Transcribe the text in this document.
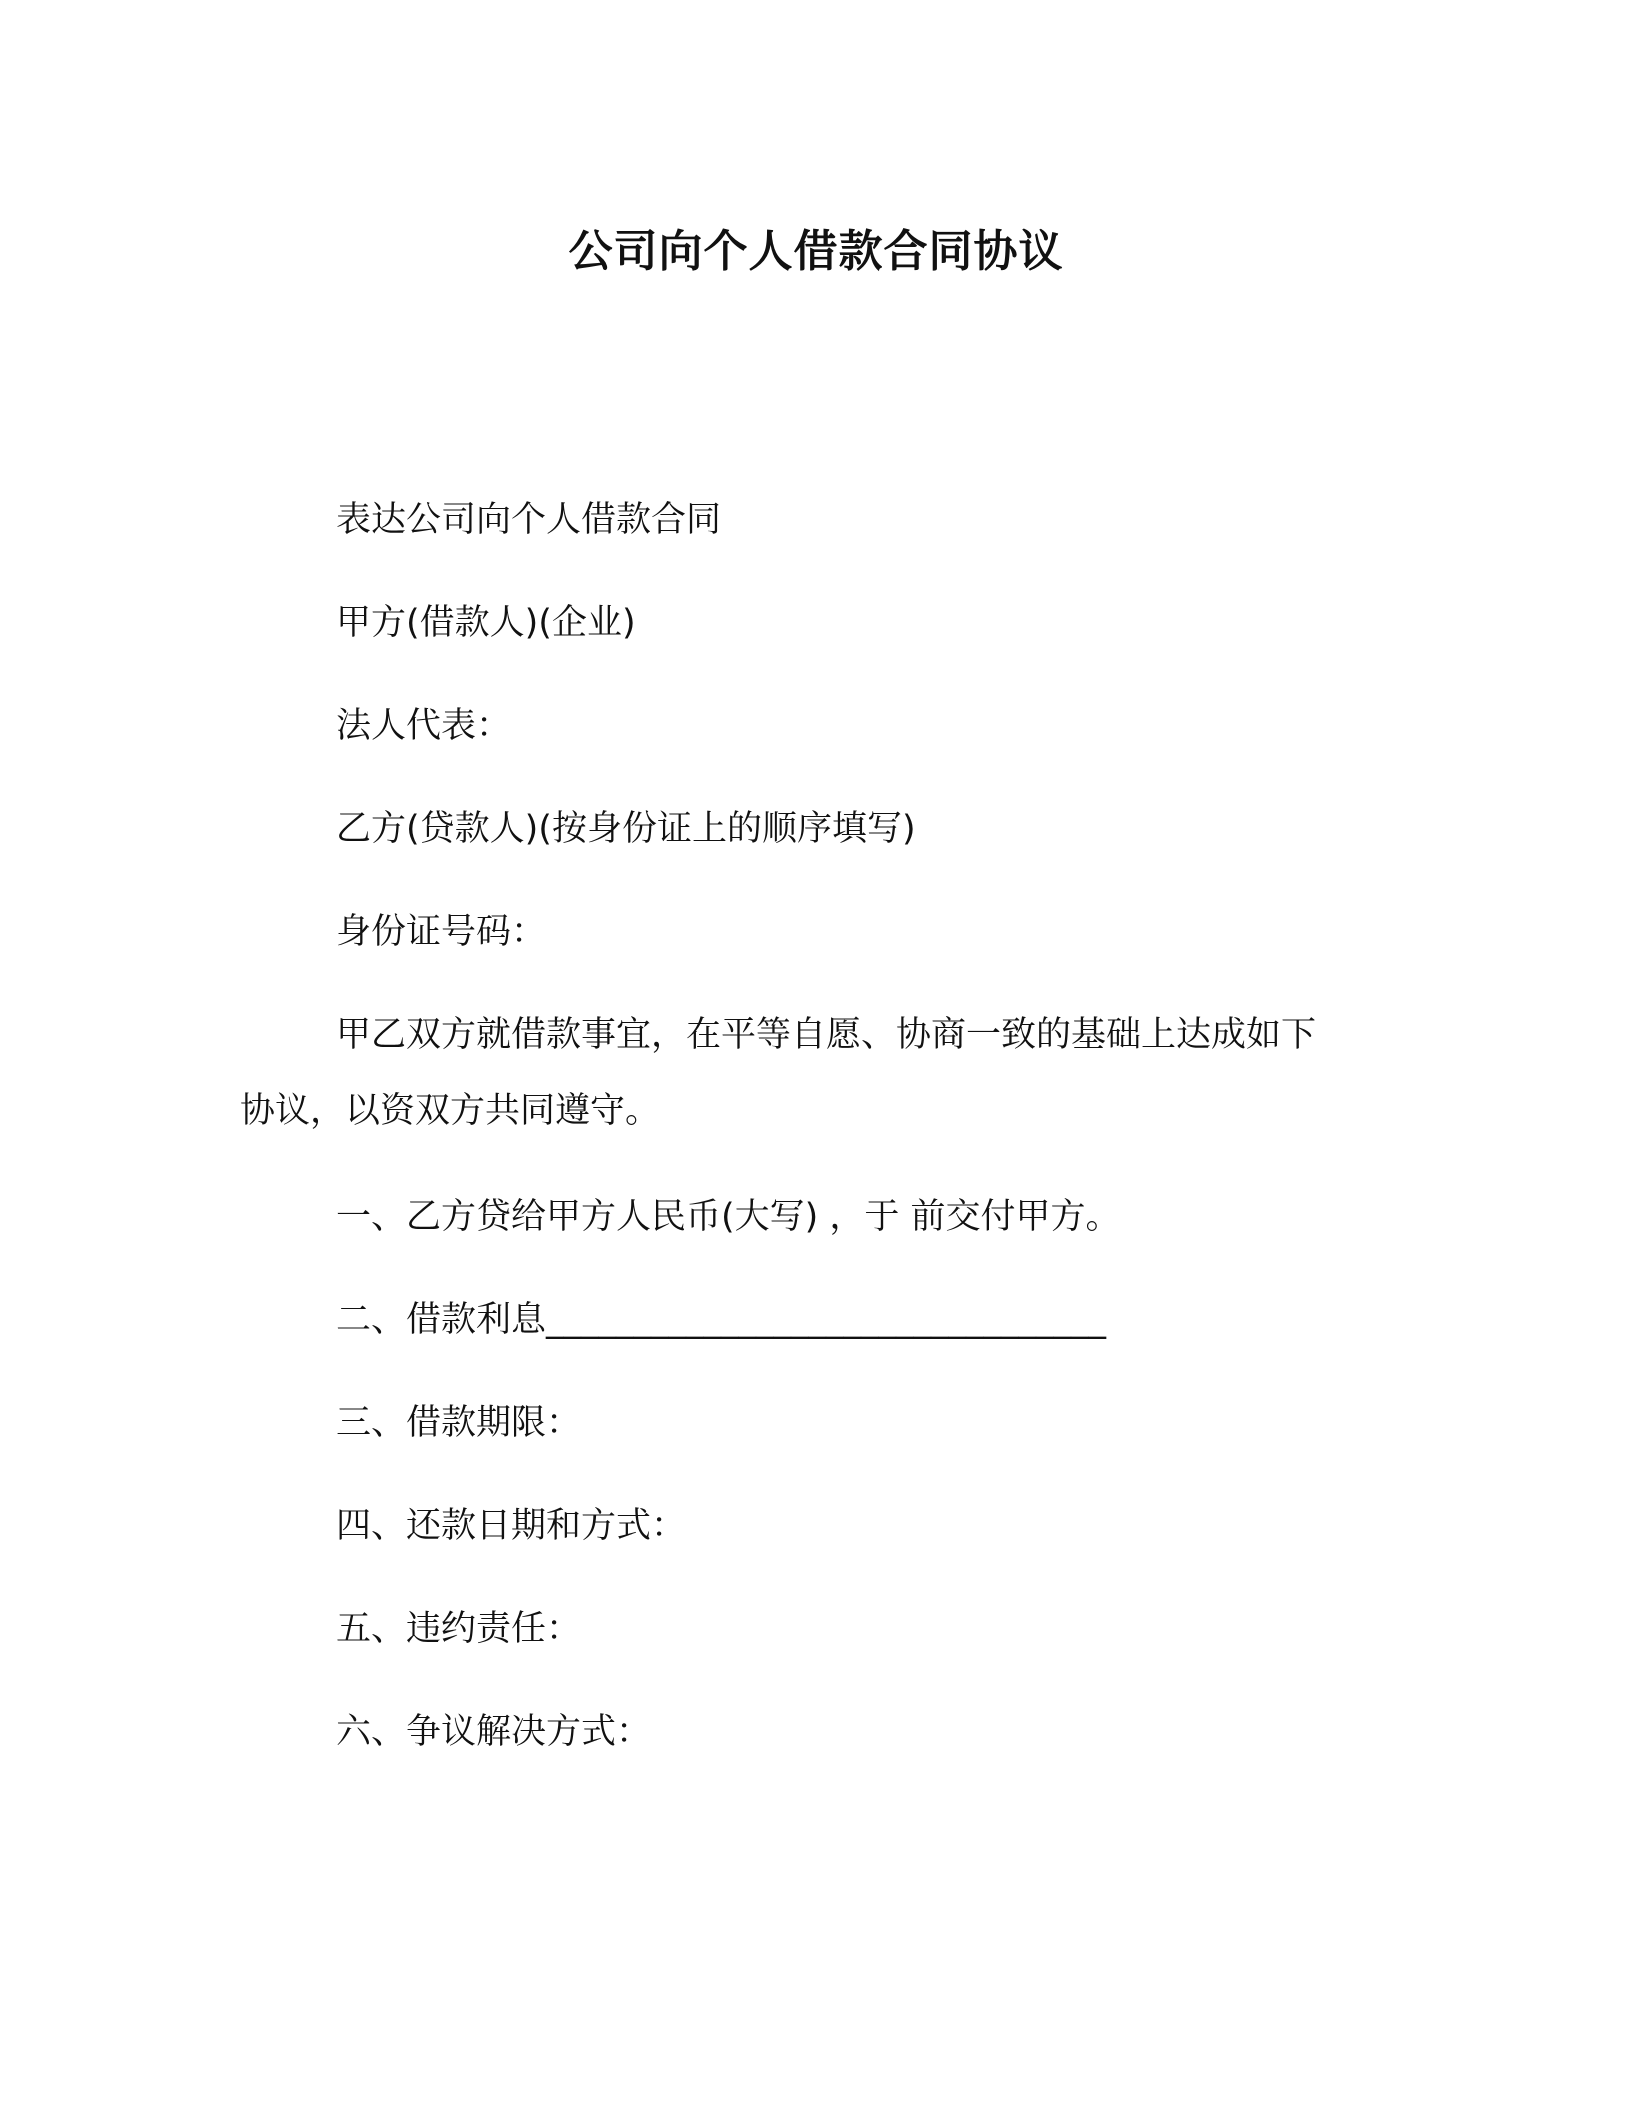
公司向个人借款合同协议
表达公司向个人借款合同
甲方(借款人)(企业)
法人代表：
乙方(贷款人)(按身份证上的顺序填写)
身份证号码：
甲乙双方就借款事宜，在平等自愿、协商一致的基础上达成如下
协议，以资双方共同遵守。
一、乙方贷给甲方人民币(大写) ，于 前交付甲方。
二、借款利息________________________________
三、借款期限：
四、还款日期和方式：
五、违约责任：
六、争议解决方式：
